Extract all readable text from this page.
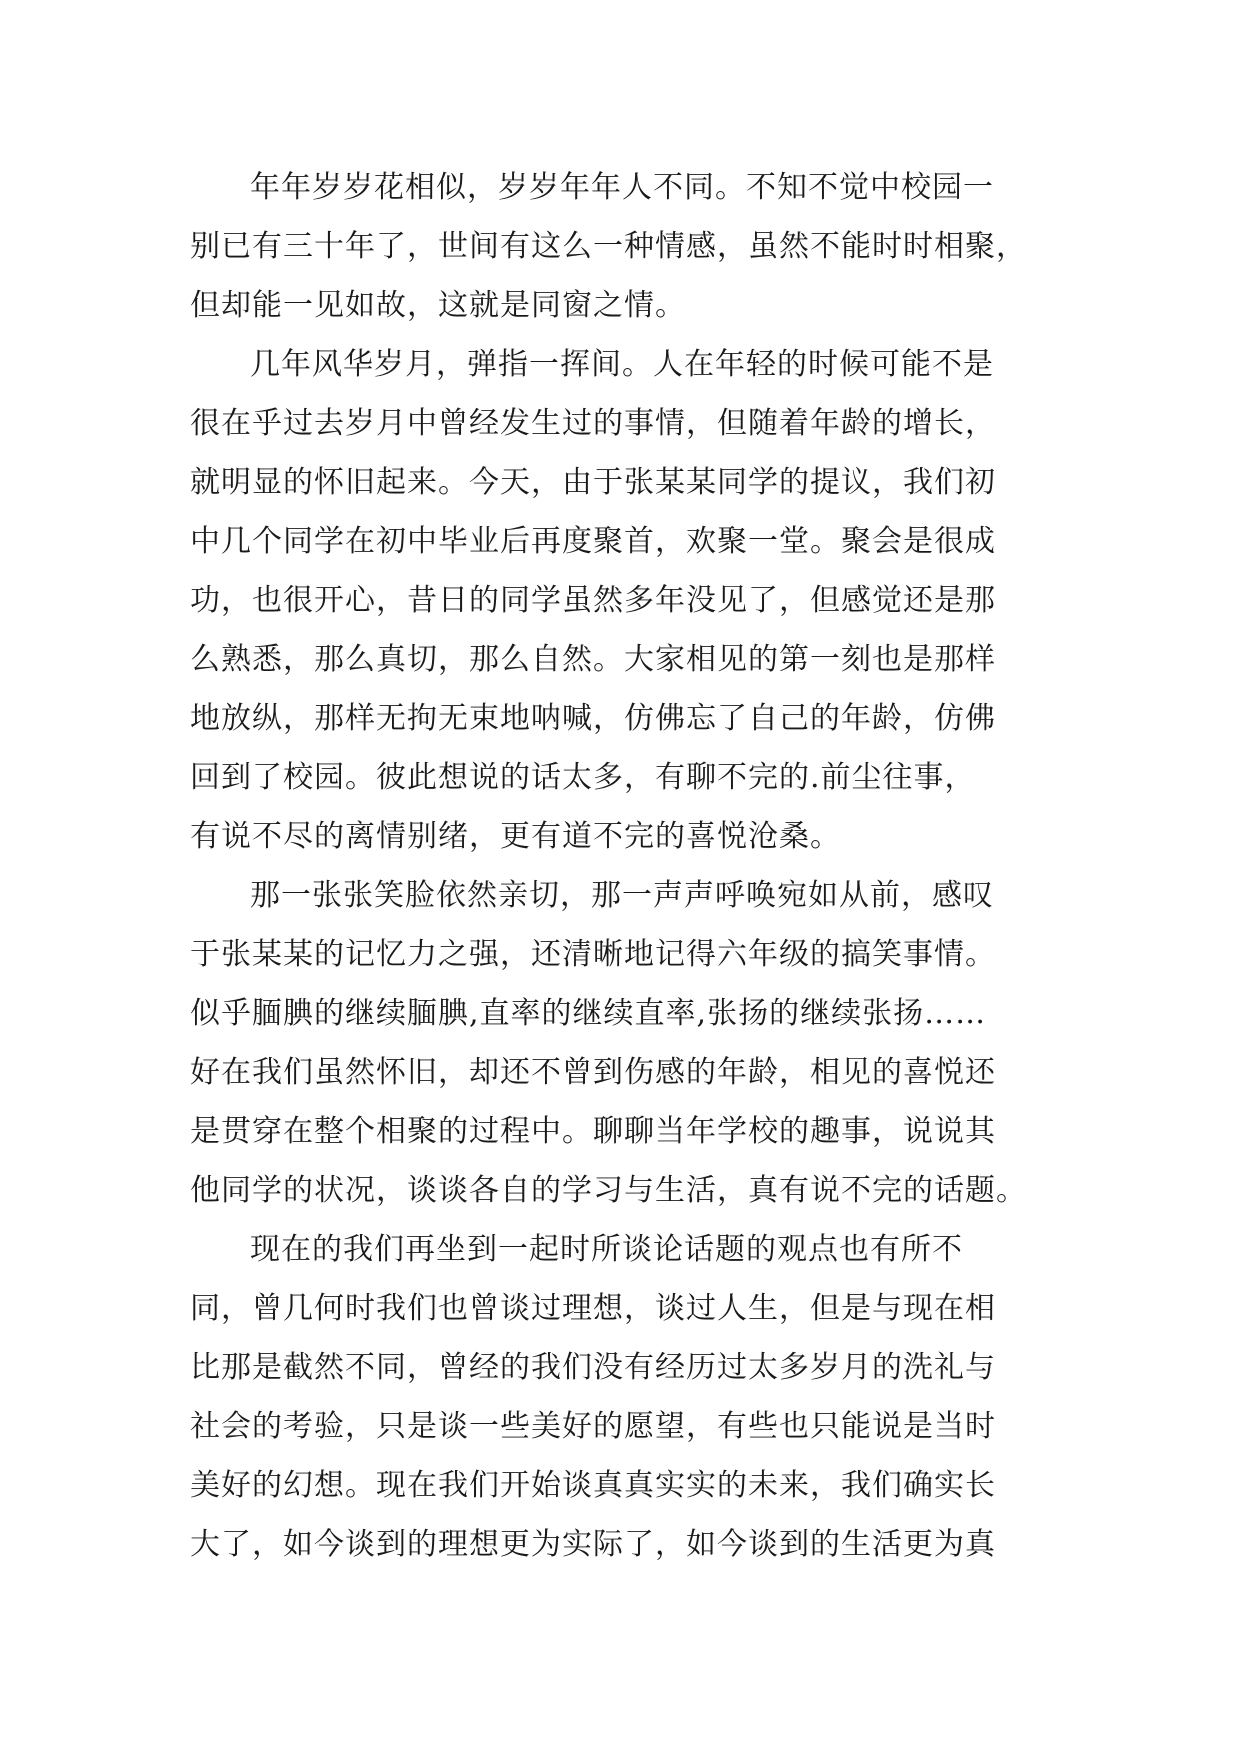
年年岁岁花相似，岁岁年年人不同。不知不觉中校园一
别已有三十年了，世间有这么一种情感，虽然不能时时相聚，
但却能一见如故，这就是同窗之情。
几年风华岁月，弹指一挥间。人在年轻的时候可能不是
很在乎过去岁月中曾经发生过的事情，但随着年龄的增长，
就明显的怀旧起来。今天，由于张某某同学的提议，我们初
中几个同学在初中毕业后再度聚首，欢聚一堂。聚会是很成
功，也很开心，昔日的同学虽然多年没见了，但感觉还是那
么熟悉，那么真切，那么自然。大家相见的第一刻也是那样
地放纵，那样无拘无束地呐喊，仿佛忘了自己的年龄，仿佛
回到了校园。彼此想说的话太多，有聊不完的.前尘往事，
有说不尽的离情别绪，更有道不完的喜悦沧桑。
那一张张笑脸依然亲切，那一声声呼唤宛如从前，感叹
于张某某的记忆力之强，还清晰地记得六年级的搞笑事情。
似乎腼腆的继续腼腆,直率的继续直率,张扬的继续张扬……
好在我们虽然怀旧，却还不曾到伤感的年龄，相见的喜悦还
是贯穿在整个相聚的过程中。聊聊当年学校的趣事，说说其
他同学的状况，谈谈各自的学习与生活，真有说不完的话题。
现在的我们再坐到一起时所谈论话题的观点也有所不
同，曾几何时我们也曾谈过理想，谈过人生，但是与现在相
比那是截然不同，曾经的我们没有经历过太多岁月的洗礼与
社会的考验，只是谈一些美好的愿望，有些也只能说是当时
美好的幻想。现在我们开始谈真真实实的未来，我们确实长
大了，如今谈到的理想更为实际了，如今谈到的生活更为真
